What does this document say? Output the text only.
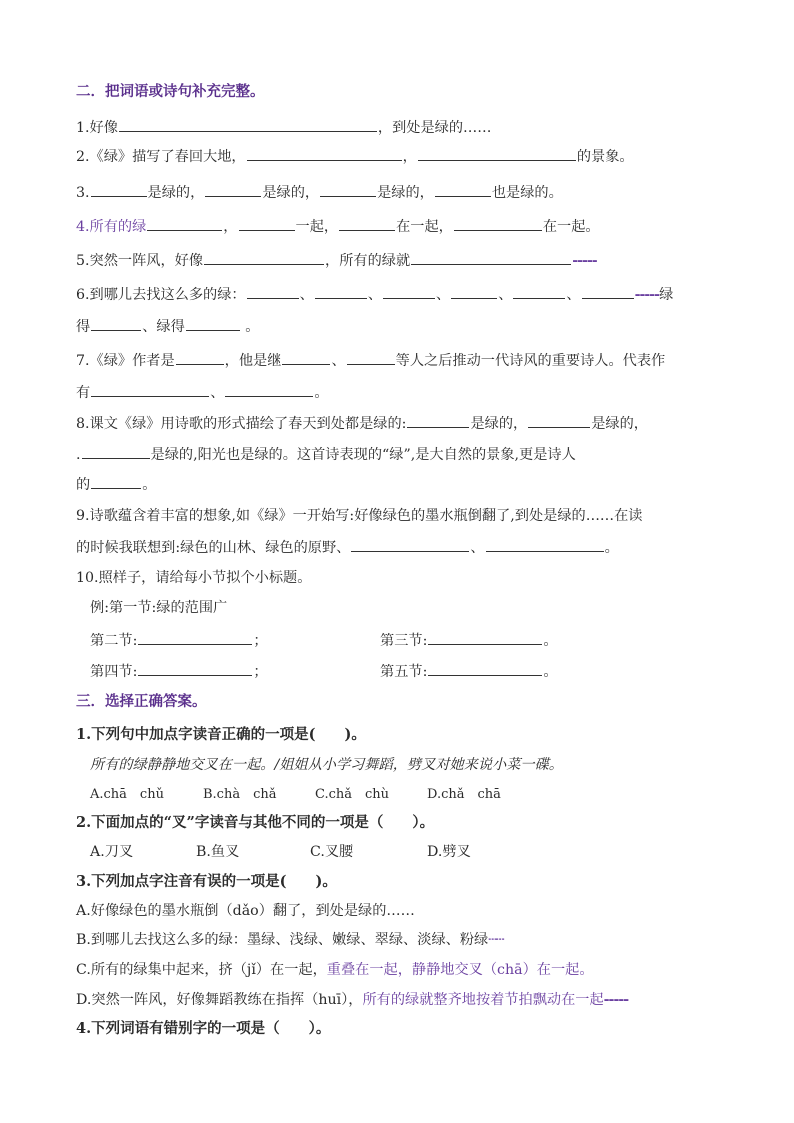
二．把词语或诗句补充完整。
1.好像	，到处是绿的……
2.《绿》描写了春回大地，	，	的景象。
3.	是绿的，	是绿的，	是绿的，	也是绿的。
4.所有的绿	，	一起，	在一起，	在一起。
5.突然一阵风，好像	，所有的绿就	-----
6.到哪儿去找这么多的绿：	、	、	、	、	、	-----绿
得	、绿得	。
7.《绿》作者是	，他是继	、	等人之后推动一代诗风的重要诗人。代表作
有	、	。
8.课文《绿》用诗歌的形式描绘了春天到处都是绿的:	是绿的，	是绿的，
.	是绿的,阳光也是绿的。这首诗表现的“绿”,是大自然的景象,更是诗人
的	。
9.诗歌蕴含着丰富的想象,如《绿》一开始写:好像绿色的墨水瓶倒翻了,到处是绿的……在读
的时候我联想到:绿色的山林、绿色的原野、	、	。
10.照样子，请给每小节拟个小标题。
例:第一节:绿的范围广
第二节:	；	第三节:	。
第四节:	；	第五节:	。
三．选择正确答案。
1.下列句中加点字读音正确的一项是(　　)。
所有的绿静静地交叉在一起。/姐姐从小学习舞蹈，劈叉对她来说小菜一碟。
A.chā　chǔ	B.chà　chǎ	C.chǎ　chù	D.chǎ　chā
2.下面加点的“叉”字读音与其他不同的一项是（　　）。
A.刀叉	B.鱼叉	C.叉腰	D.劈叉
3.下列加点字注音有误的一项是(　　)。
A.好像绿色的墨水瓶倒（dǎo）翻了，到处是绿的……
B.到哪儿去找这么多的绿：墨绿、浅绿、嫩绿、翠绿、淡绿、粉绿┄┄
C.所有的绿集中起来，挤（jǐ）在一起，重叠在一起，静静地交叉（chā）在一起。
D.突然一阵风，好像舞蹈教练在指挥（huī），所有的绿就整齐地按着节拍飘动在一起-----
4.下列词语有错别字的一项是（　　）。
